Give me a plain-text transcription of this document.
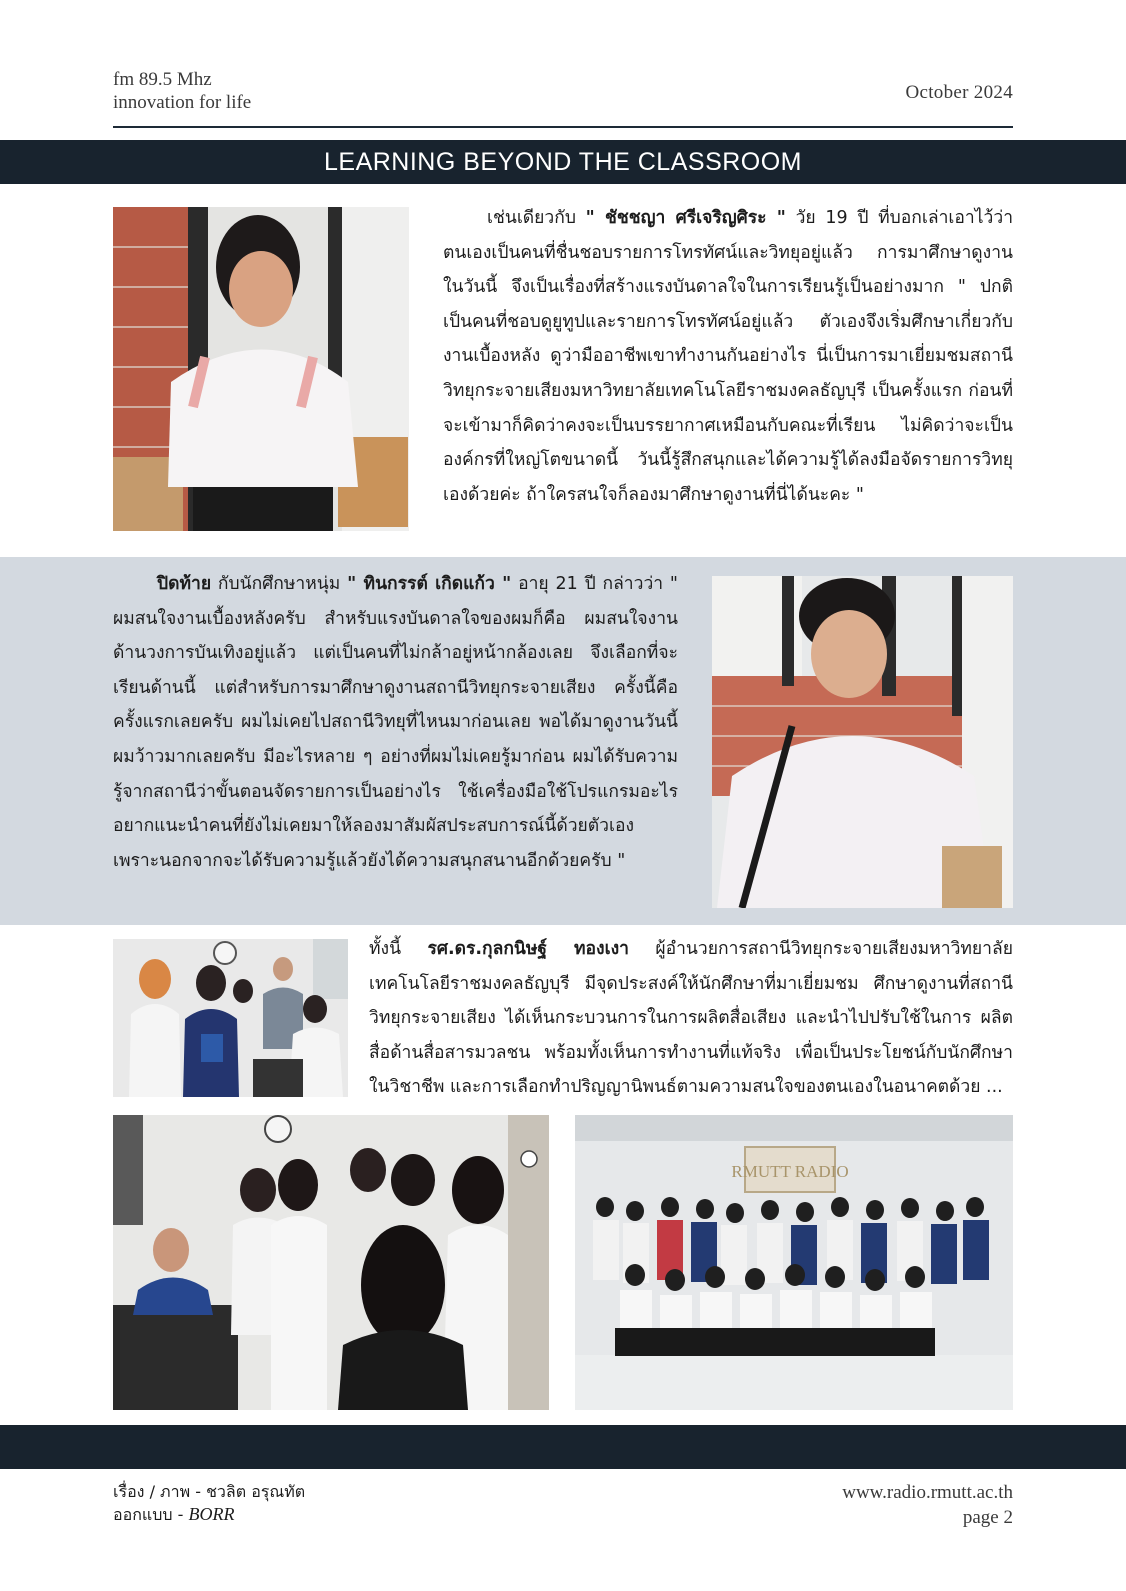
fm 89.5 Mhz
innovation for life	October 2024
LEARNING BEYOND THE CLASSROOM
เช่นเดียวกับ " ชัชชญา ศรีเจริญศิระ " วัย 19 ปี ที่บอกเล่าเอาไว้ว่า ตนเองเป็นคนที่ชื่นชอบรายการโทรทัศน์และวิทยุอยู่แล้ว การมาศึกษาดูงานในวันนี้ จึงเป็นเรื่องที่สร้างแรงบันดาลใจในการเรียนรู้เป็นอย่างมาก " ปกติเป็นคนที่ชอบดูยูทูปและรายการโทรทัศน์อยู่แล้ว ตัวเองจึงเริ่มศึกษาเกี่ยวกับงานเบื้องหลัง ดูว่ามืออาชีพเขาทำงานกันอย่างไร นี่เป็นการมาเยี่ยมชมสถานีวิทยุกระจายเสียงมหาวิทยาลัยเทคโนโลยีราชมงคลธัญบุรี เป็นครั้งแรก ก่อนที่ จะเข้ามาก็คิดว่าคงจะเป็นบรรยากาศเหมือนกับคณะที่เรียน ไม่คิดว่าจะเป็นองค์กรที่ใหญ่โตขนาดนี้ วันนี้รู้สึกสนุกและได้ความรู้ได้ลงมือจัดรายการวิทยุเองด้วยค่ะ ถ้าใครสนใจก็ลองมาศึกษาดูงานที่นี่ได้นะคะ "
ปิดท้าย กับนักศึกษาหนุ่ม " ทินกรรต์ เกิดแก้ว " อายุ 21 ปี กล่าวว่า " ผมสนใจงานเบื้องหลังครับ สำหรับแรงบันดาลใจของผมก็คือ ผมสนใจงานด้านวงการบันเทิงอยู่แล้ว แต่เป็นคนที่ไม่กล้าอยู่หน้ากล้องเลย จึงเลือกที่จะเรียนด้านนี้ แต่สำหรับการมาศึกษาดูงานสถานีวิทยุกระจายเสียง ครั้งนี้คือครั้งแรกเลยครับ ผมไม่เคยไปสถานีวิทยุที่ไหนมาก่อนเลย พอได้มาดูงานวันนี้ผมว้าวมากเลยครับ มีอะไรหลาย ๆ อย่างที่ผมไม่เคยรู้มาก่อน ผมได้รับความรู้จากสถานีว่าขั้นตอนจัดรายการเป็นอย่างไร ใช้เครื่องมือใช้โปรแกรมอะไร อยากแนะนำคนที่ยังไม่เคยมาให้ลองมาสัมผัสประสบการณ์นี้ด้วยตัวเอง เพราะนอกจากจะได้รับความรู้แล้วยังได้ความสนุกสนานอีกด้วยครับ "
ทั้งนี้ รศ.ดร.กุลกนิษฐ์ ทองเงา ผู้อำนวยการสถานีวิทยุกระจายเสียงมหาวิทยาลัยเทคโนโลยีราชมงคลธัญบุรี มีจุดประสงค์ให้นักศึกษาที่มาเยี่ยมชม ศึกษาดูงานที่สถานีวิทยุกระจายเสียง ได้เห็นกระบวนการในการผลิตสื่อเสียง และนำไปปรับใช้ในการ ผลิตสื่อด้านสื่อสารมวลชน พร้อมทั้งเห็นการทำงานที่แท้จริง เพื่อเป็นประโยชน์กับนักศึกษาในวิชาชีพ และการเลือกทำปริญญานิพนธ์ตามความสนใจของตนเองในอนาคตด้วย ...
RMUTT RADIO
เรื่อง / ภาพ - ชวลิต อรุณทัต
ออกแบบ - BORR
www.radio.rmutt.ac.th
page 2
